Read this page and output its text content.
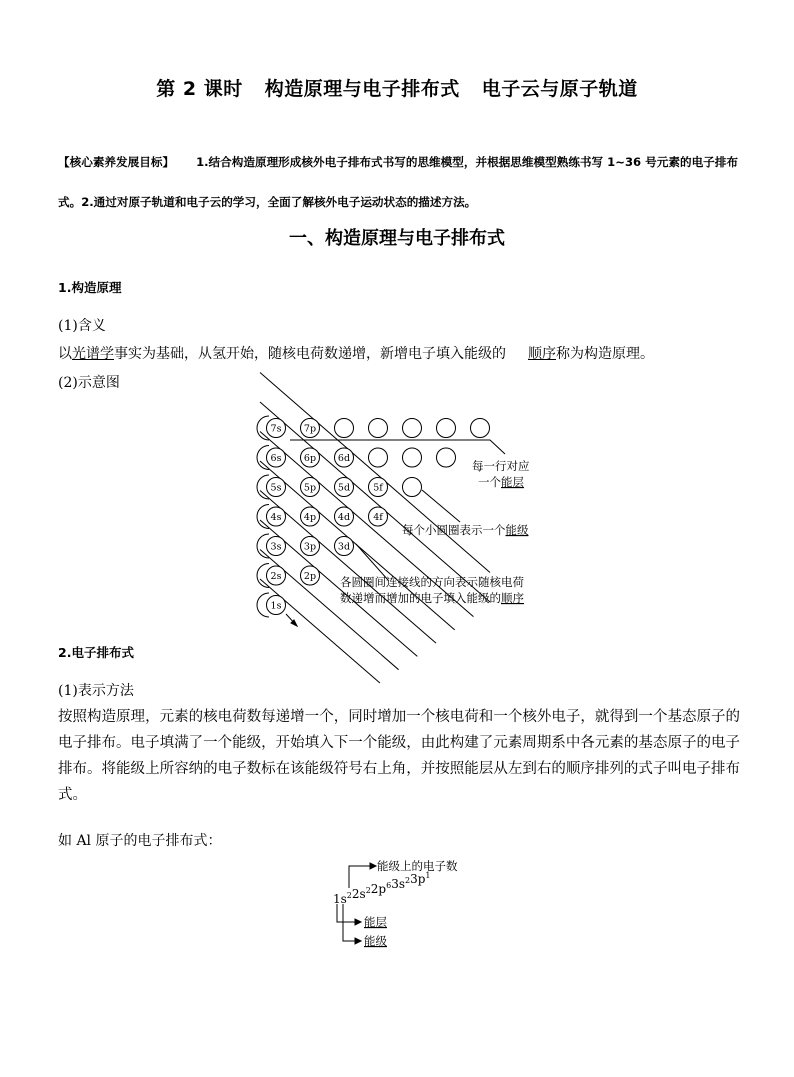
第 2 课时 构造原理与电子排布式 电子云与原子轨道
【核心素养发展目标】 1.结合构造原理形成核外电子排布式书写的思维模型，并根据思维模型熟练书写 1~36 号元素的电子排布式。2.通过对原子轨道和电子云的学习，全面了解核外电子运动状态的描述方法。
一、构造原理与电子排布式
1.构造原理
(1)含义
以光谱学事实为基础，从氢开始，随核电荷数递增，新增电子填入能级的 顺序称为构造原理。
(2)示意图
7s 7p
6s 6p 6d
5s 5p 5d 5f
4s 4p 4d 4f
3s 3p 3d
2s 2p
1s
每一行对应
一个能层
每个小圆圈表示一个能级
各圆圈间连接线的方向表示随核电荷
数递增而增加的电子填入能级的顺序
2.电子排布式
(1)表示方法
按照构造原理，元素的核电荷数每递增一个，同时增加一个核电荷和一个核外电子，就得到一个基态原子的电子排布。电子填满了一个能级，开始填入下一个能级，由此构建了元素周期系中各元素的基态原子的电子排布。将能级上所容纳的电子数标在该能级符号右上角，并按照能层从左到右的顺序排列的式子叫电子排布式。
如 Al 原子的电子排布式：
能级上的电子数
能层
能级
$1s^22s^22p^63s^23p^1$
